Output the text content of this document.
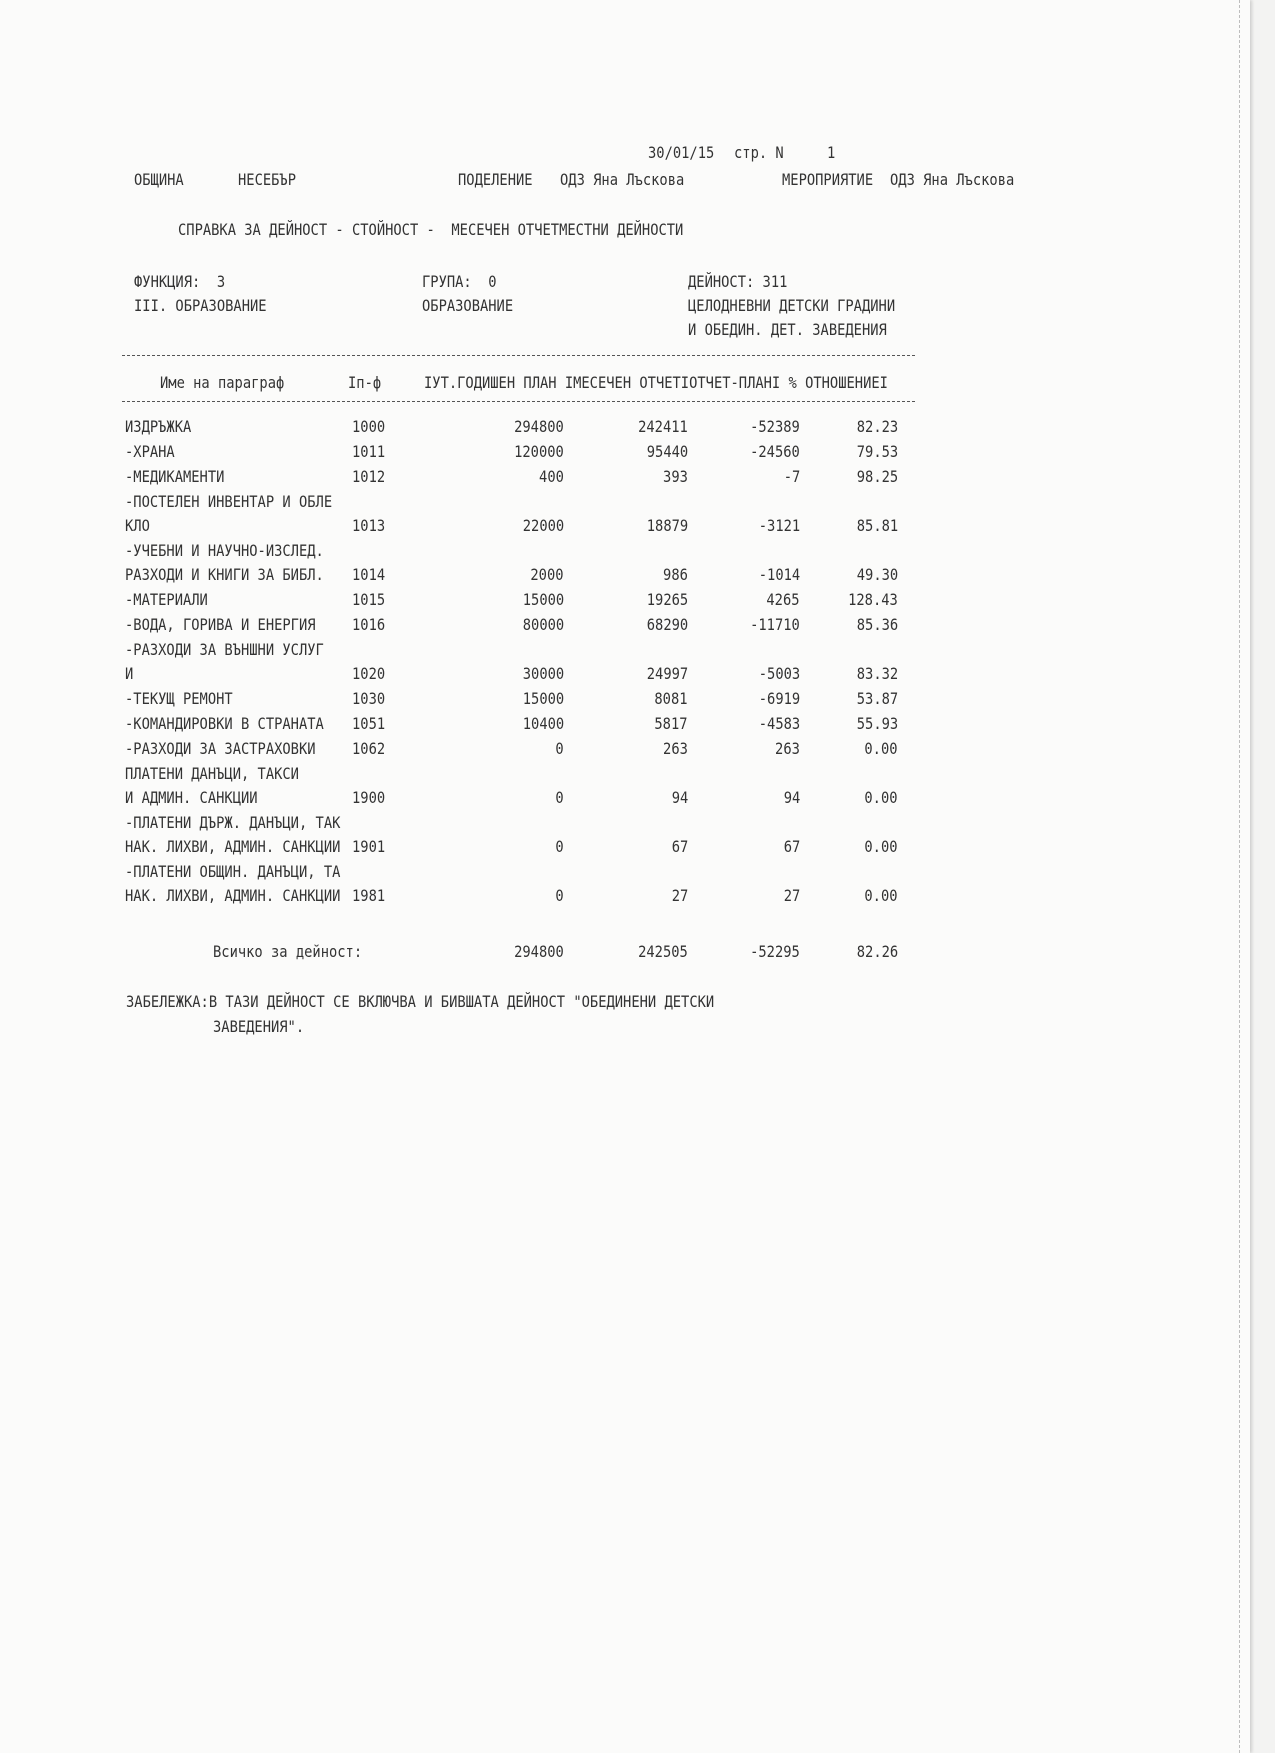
30/01/15 стр. N	1
ОБЩИНА	НЕСЕБЪР	ПОДЕЛЕНИЕ ОДЗ Яна Лъскова	МЕРОПРИЯТИЕ ОДЗ Яна Лъскова
СПРАВКА ЗА ДЕЙНОСТ - СТОЙНОСТ -  МЕСЕЧЕН ОТЧЕТМЕСТНИ ДЕЙНОСТИ
ФУНКЦИЯ:  3
III. ОБРАЗОВАНИЕ
ГРУПА:  0
ОБРАЗОВАНИЕ
ДЕЙНОСТ: 311
ЦЕЛОДНЕВНИ ДЕТСКИ ГРАДИНИ
И ОБЕДИН. ДЕТ. ЗАВЕДЕНИЯ
Име на параграф	Iп-ф	IУТ.ГОДИШЕН ПЛАН IМЕСЕЧЕН ОТЧЕТIОТЧЕТ-ПЛАНI % ОТНОШЕНИЕI
ИЗДРЪЖКА	1000	294800	242411	-52389	82.23
-ХРАНА	1011	120000	95440	-24560	79.53
-МЕДИКАМЕНТИ	1012	400	393	-7	98.25
-ПОСТЕЛЕН ИНВЕНТАР И ОБЛЕ
КЛО	1013	22000	18879	-3121	85.81
-УЧЕБНИ И НАУЧНО-ИЗСЛЕД.
РАЗХОДИ И КНИГИ ЗА БИБЛ. 1014	2000	986	-1014	49.30
-МАТЕРИАЛИ	1015	15000	19265	4265	128.43
-ВОДА, ГОРИВА И ЕНЕРГИЯ 1016	80000	68290	-11710	85.36
-РАЗХОДИ ЗА ВЪНШНИ УСЛУГ
И	1020	30000	24997	-5003	83.32
-ТЕКУЩ РЕМОНТ	1030	15000	8081	-6919	53.87
-КОМАНДИРОВКИ В СТРАНАТА 1051	10400	5817	-4583	55.93
-РАЗХОДИ ЗА ЗАСТРАХОВКИ 1062	0	263	263	0.00
ПЛАТЕНИ ДАНЪЦИ, ТАКСИ
И АДМИН. САНКЦИИ	1900	0	94	94	0.00
-ПЛАТЕНИ ДЪРЖ. ДАНЪЦИ, ТАК
НАК. ЛИХВИ, АДМИН. САНКЦИИ 1901	0	67	67	0.00
-ПЛАТЕНИ ОБЩИН. ДАНЪЦИ, ТА
НАК. ЛИХВИ, АДМИН. САНКЦИИ 1981	0	27	27	0.00
Всичко за дейност:	294800	242505	-52295	82.26
ЗАБЕЛЕЖКА:В ТАЗИ ДЕЙНОСТ СЕ ВКЛЮЧВА И БИВШАТА ДЕЙНОСТ "ОБЕДИНЕНИ ДЕТСКИ
ЗАВЕДЕНИЯ".
